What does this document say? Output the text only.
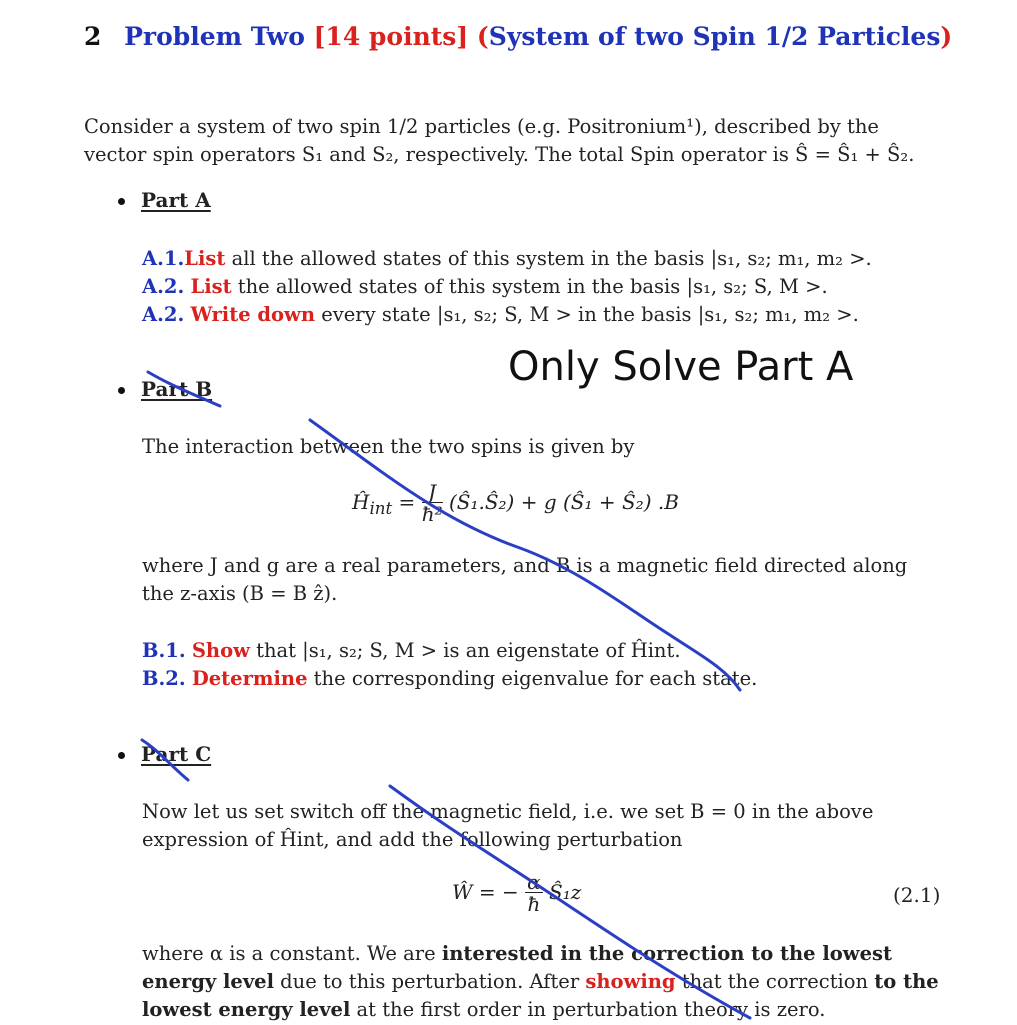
2 Problem Two [14 points] (System of two Spin 1/2 Particles)
Consider a system of two spin 1/2 particles (e.g. Positronium¹), described by the
vector spin operators S₁ and S₂, respectively. The total Spin operator is Ŝ = Ŝ₁ + Ŝ₂.
Part A
A.1.List all the allowed states of this system in the basis |s₁, s₂; m₁, m₂ >.
A.2. List the allowed states of this system in the basis |s₁, s₂; S, M >.
A.2. Write down every state |s₁, s₂; S, M > in the basis |s₁, s₂; m₁, m₂ >.
Only Solve Part A
Part B
The interaction between the two spins is given by
$Ĥ_{int} = \frac{J}{\text{ħ²}}$ (Ŝ₁.Ŝ₂) + g (Ŝ₁ + Ŝ₂) .B
where J and g are a real parameters, and B is a magnetic field directed along
the z-axis (B = B ẑ).
B.1. Show that |s₁, s₂; S, M > is an eigenstate of Ĥint.
B.2. Determine the corresponding eigenvalue for each state.
Part C
Now let us set switch off the magnetic field, i.e. we set B = 0 in the above
expression of Ĥint, and add the following perturbation
Ŵ = − $\frac{\alpha}{ħ}$ Ŝ₁z	(2.1)
where α is a constant. We are interested in the correction to the lowest
energy level due to this perturbation. After showing that the correction to the
lowest energy level at the first order in perturbation theory is zero.
